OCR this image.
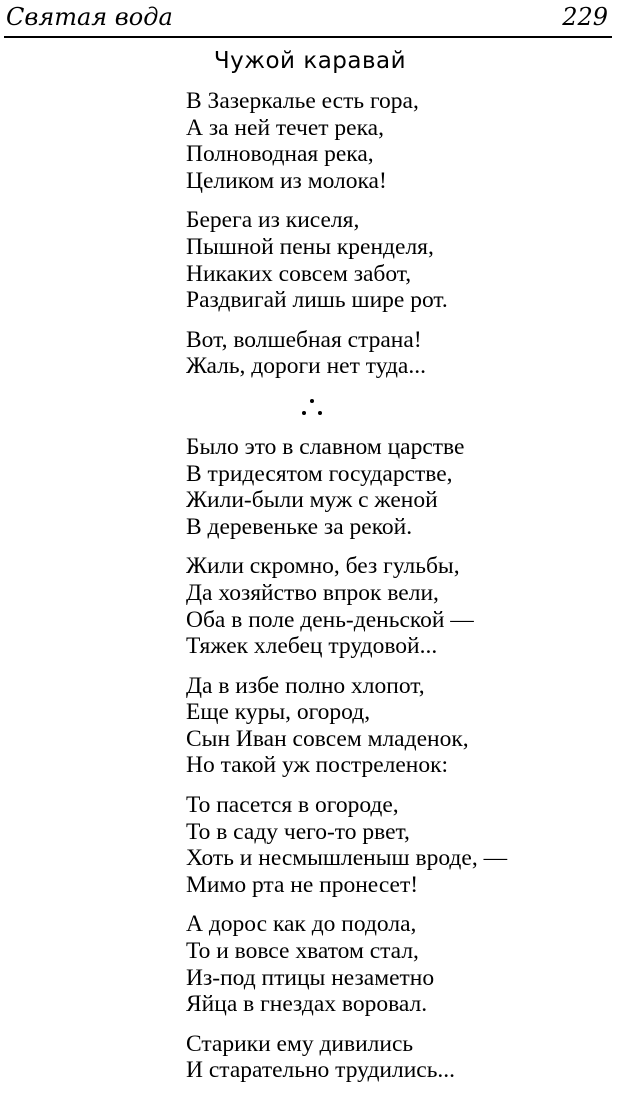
Святая вода	229
Чужой каравай
В Зазеркалье есть гора,
А за ней течет река,
Полноводная река,
Целиком из молока!
Берега из киселя,
Пышной пены кренделя,
Никаких совсем забот,
Раздвигай лишь шире рот.
Вот, волшебная страна!
Жаль, дороги нет туда...
Было это в славном царстве
В тридесятом государстве,
Жили-были муж с женой
В деревеньке за рекой.
Жили скромно, без гульбы,
Да хозяйство впрок вели,
Оба в поле день-деньской —
Тяжек хлебец трудовой...
Да в избе полно хлопот,
Еще куры, огород,
Сын Иван совсем младенок,
Но такой уж постреленок:
То пасется в огороде,
То в саду чего-то рвет,
Хоть и несмышленыш вроде, —
Мимо рта не пронесет!
А дорос как до подола,
То и вовсе хватом стал,
Из-под птицы незаметно
Яйца в гнездах воровал.
Старики ему дивились
И старательно трудились...
